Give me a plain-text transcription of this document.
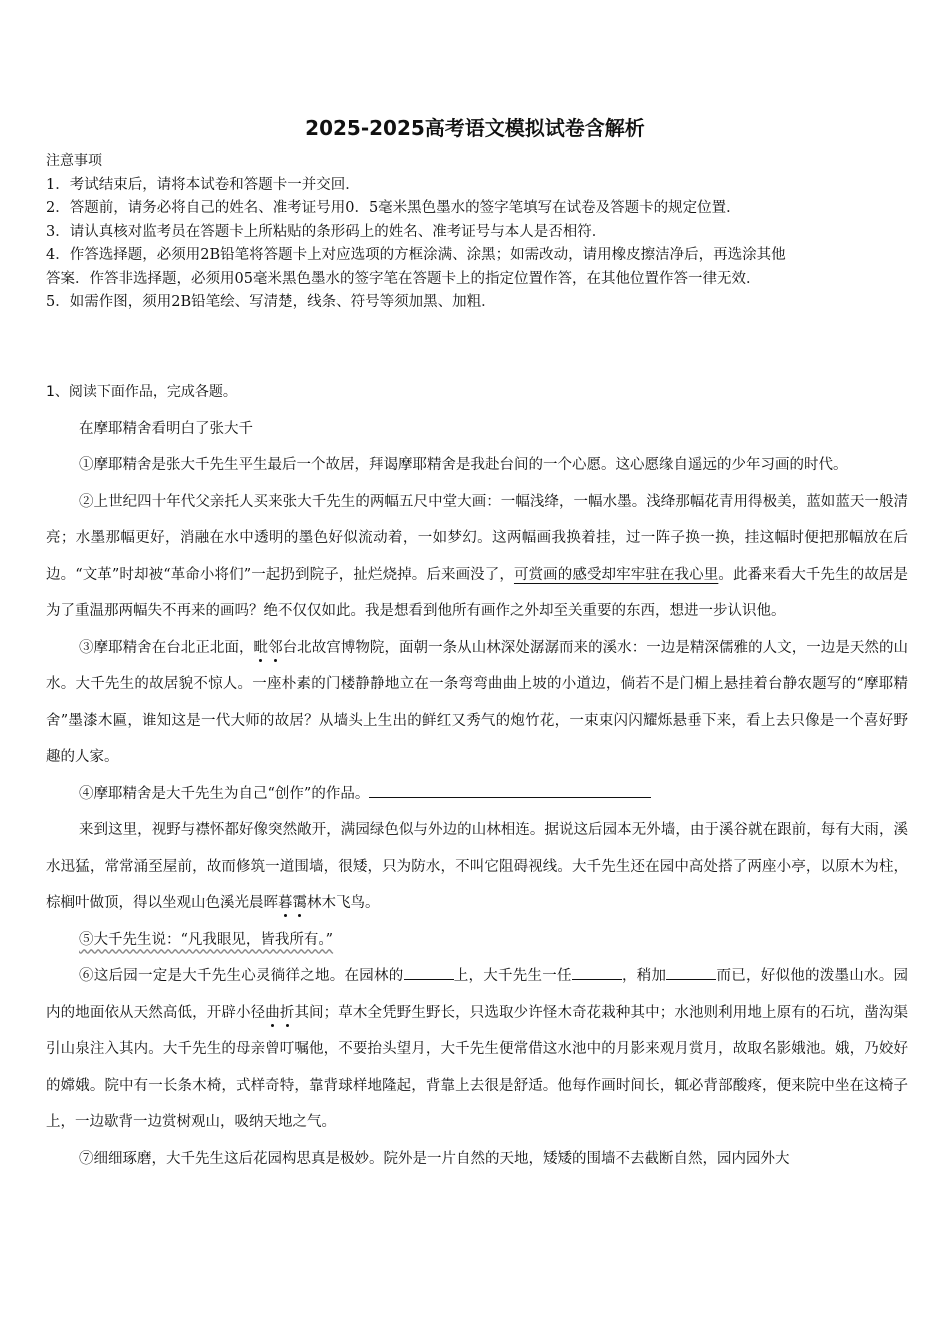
2025-2025高考语文模拟试卷含解析

注意事项

1．考试结束后，请将本试卷和答题卡一并交回．

2．答题前，请务必将自己的姓名、准考证号用0．5毫米黑色墨水的签字笔填写在试卷及答题卡的规定位置．

3．请认真核对监考员在答题卡上所粘贴的条形码上的姓名、准考证号与本人是否相符．

4．作答选择题，必须用2B铅笔将答题卡上对应选项的方框涂满、涂黑；如需改动，请用橡皮擦洁净后，再选涂其他

答案．作答非选择题，必须用05毫米黑色墨水的签字笔在答题卡上的指定位置作答，在其他位置作答一律无效．

5．如需作图，须用2B铅笔绘、写清楚，线条、符号等须加黑、加粗．

1、阅读下面作品，完成各题。

在摩耶精舍看明白了张大千

①摩耶精舍是张大千先生平生最后一个故居，拜谒摩耶精舍是我赴台间的一个心愿。这心愿缘自遥远的少年习画的时代。

②上世纪四十年代父亲托人买来张大千先生的两幅五尺中堂大画：一幅浅绛，一幅水墨。浅绛那幅花青用得极美，蓝如蓝天一般清亮；水墨那幅更好，消融在水中透明的墨色好似流动着，一如梦幻。这两幅画我换着挂，过一阵子换一换，挂这幅时便把那幅放在后边。“文革”时却被“革命小将们”一起扔到院子，扯烂烧掉。后来画没了，可赏画的感受却牢牢驻在我心里。此番来看大千先生的故居是为了重温那两幅失不再来的画吗？绝不仅仅如此。我是想看到他所有画作之外却至关重要的东西，想进一步认识他。

③摩耶精舍在台北正北面，毗邻台北故宫博物院，面朝一条从山林深处潺潺而来的溪水：一边是精深儒雅的人文，一边是天然的山水。大千先生的故居貌不惊人。一座朴素的门楼静静地立在一条弯弯曲曲上坡的小道边，倘若不是门楣上悬挂着台静农题写的“摩耶精舍”墨漆木匾，谁知这是一代大师的故居？从墙头上生出的鲜红又秀气的炮竹花，一束束闪闪耀烁悬垂下来，看上去只像是一个喜好野趣的人家。

④摩耶精舍是大千先生为自己“创作”的作品。

来到这里，视野与襟怀都好像突然敞开，满园绿色似与外边的山林相连。据说这后园本无外墙，由于溪谷就在跟前，每有大雨，溪水迅猛，常常涌至屋前，故而修筑一道围墙，很矮，只为防水，不叫它阻碍视线。大千先生还在园中高处搭了两座小亭，以原木为柱，棕榈叶做顶，得以坐观山色溪光晨晖暮霭林木飞鸟。

⑤大千先生说：“凡我眼见，皆我所有。”

⑥这后园一定是大千先生心灵徜徉之地。在园林的	上，大千先生一任	，稍加	而已，好似他的泼墨山水。园内的地面依从天然高低，开辟小径曲折其间；草木全凭野生野长，只选取少许怪木奇花栽种其中；水池则利用地上原有的石坑，凿沟渠引山泉注入其内。大千先生的母亲曾叮嘱他，不要抬头望月，大千先生便常借这水池中的月影来观月赏月，故取名影娥池。娥，乃姣好的嫦娥。院中有一长条木椅，式样奇特，靠背球样地隆起，背靠上去很是舒适。他每作画时间长，辄必背部酸疼，便来院中坐在这椅子上，一边歇背一边赏树观山，吸纳天地之气。

⑦细细琢磨，大千先生这后花园构思真是极妙。院外是一片自然的天地，矮矮的围墙不去截断自然，园内园外大
